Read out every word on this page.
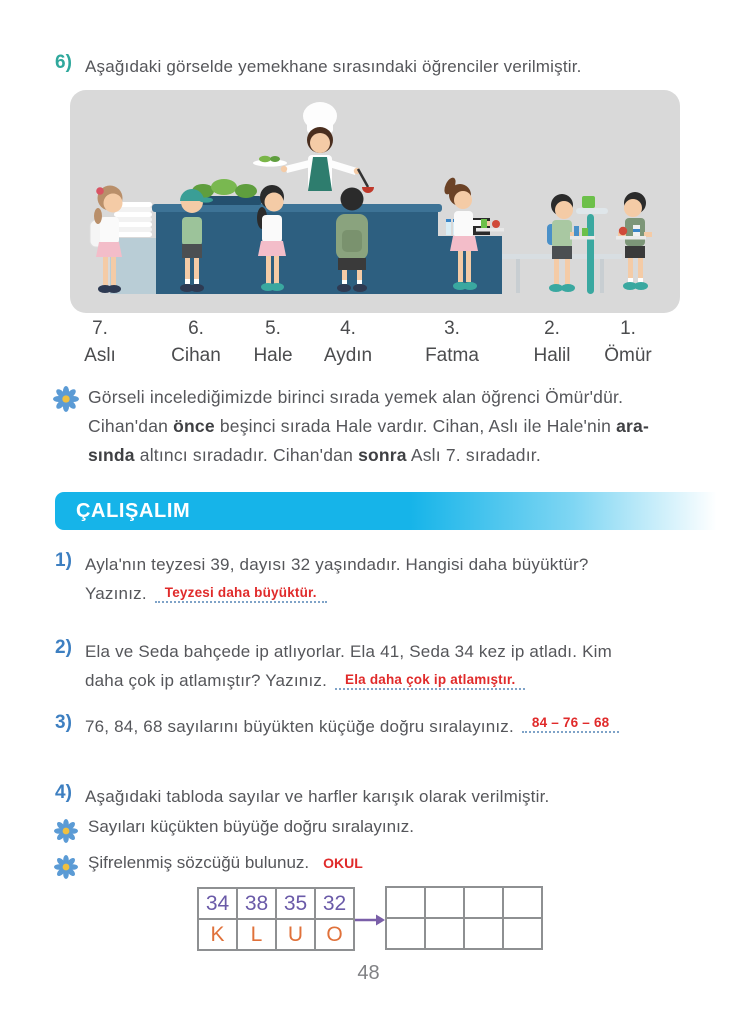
6) Aşağıdaki görselde yemekhane sırasındaki öğrenciler verilmiştir.
7.
Aslı
6.
Cihan
5.
Hale
4.
Aydın
3.
Fatma
2.
Halil
1.
Ömür
Görseli incelediğimizde birinci sırada yemek alan öğrenci Ömür'dür.
Cihan'dan önce beşinci sırada Hale vardır. Cihan, Aslı ile Hale'nin ara-
sında altıncı sıradadır. Cihan'dan sonra Aslı 7. sıradadır.
ÇALIŞALIM
1) Ayla'nın teyzesi 39, dayısı 32 yaşındadır. Hangisi daha büyüktür?
Yazınız. Teyzesi daha büyüktür.
2) Ela ve Seda bahçede ip atlıyorlar. Ela 41, Seda 34 kez ip atladı. Kim
daha çok ip atlamıştır? Yazınız. Ela daha çok ip atlamıştır.
3) 76, 84, 68 sayılarını büyükten küçüğe doğru sıralayınız. $^{84 - 76 - 68}$
4) Aşağıdaki tabloda sayılar ve harfler karışık olarak verilmiştir.
Sayıları küçükten büyüğe doğru sıralayınız.
Şifrelenmiş sözcüğü bulunuz. OKUL
34	38	35	32
K	L	U	O

48
